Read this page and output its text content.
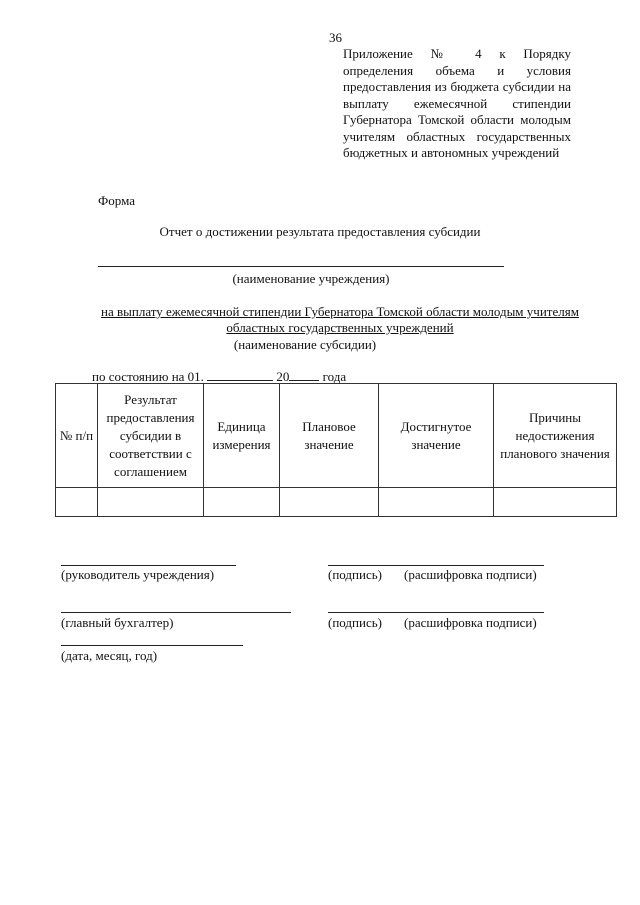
36
Приложение № 4 к Порядку определения объема и условия предоставления из бюджета субсидии на выплату ежемесячной стипендии Губернатора Томской области молодым учителям областных государственных бюджетных и автономных учреждений
Форма
Отчет о достижении результата предоставления субсидии
(наименование учреждения)
на выплату ежемесячной стипендии Губернатора Томской области молодым учителям
областных государственных учреждений
(наименование субсидии)
по состоянию на 01.	20	года
№ п/п	Результат предоставления субсидии в соответствии с соглашением	Единица измерения	Плановое значение	Достигнутое значение	Причины недостижения планового значения

(руководитель учреждения)	(подпись) (расшифровка подписи)
(главный бухгалтер)	(подпись) (расшифровка подписи)
(дата, месяц, год)
